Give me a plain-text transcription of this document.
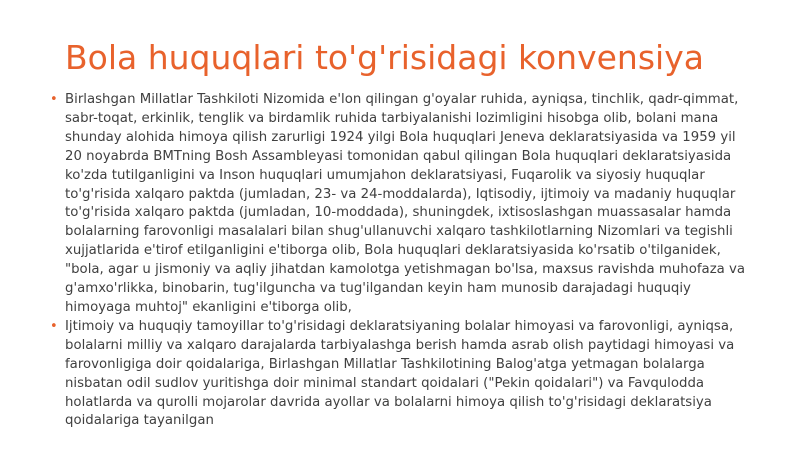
Bola huquqlari to'g'risidagi konvensiya
• Birlashgan Millatlar Tashkiloti Nizomida e'lon qilingan g'oyalar ruhida, ayniqsa, tinchlik, qadr-qimmat, sabr-toqat, erkinlik, tenglik va birdamlik ruhida tarbiyalanishi lozimligini hisobga olib, bolani mana shunday alohida himoya qilish zarurligi 1924 yilgi Bola huquqlari Jeneva deklaratsiyasida va 1959 yil 20 noyabrda BMTning Bosh Assambleyasi tomonidan qabul qilingan Bola huquqlari deklaratsiyasida ko'zda tutilganligini va Inson huquqlari umumjahon deklaratsiyasi, Fuqarolik va siyosiy huquqlar to'g'risida xalqaro paktda (jumladan, 23- va 24-moddalarda), Iqtisodiy, ijtimoiy va madaniy huquqlar to'g'risida xalqaro paktda (jumladan, 10-moddada), shuningdek, ixtisoslashgan muassasalar hamda bolalarning farovonligi masalalari bilan shug'ullanuvchi xalqaro tashkilotlarning Nizomlari va tegishli xujjatlarida e'tirof etilganligini e'tiborga olib, Bola huquqlari deklaratsiyasida ko'rsatib o'tilganidek, "bola, agar u jismoniy va aqliy jihatdan kamolotga yetishmagan bo'lsa, maxsus ravishda muhofaza va g'amxo'rlikka, binobarin, tug'ilguncha va tug'ilgandan keyin ham munosib darajadagi huquqiy himoyaga muhtoj" ekanligini e'tiborga olib,
• Ijtimoiy va huquqiy tamoyillar to'g'risidagi deklaratsiyaning bolalar himoyasi va farovonligi, ayniqsa, bolalarni milliy va xalqaro darajalarda tarbiyalashga berish hamda asrab olish paytidagi himoyasi va farovonligiga doir qoidalariga, Birlashgan Millatlar Tashkilotining Balog'atga yetmagan bolalarga nisbatan odil sudlov yuritishga doir minimal standart qoidalari ("Pekin qoidalari") va Favqulodda holatlarda va qurolli mojarolar davrida ayollar va bolalarni himoya qilish to'g'risidagi deklaratsiya qoidalariga tayanilgan
